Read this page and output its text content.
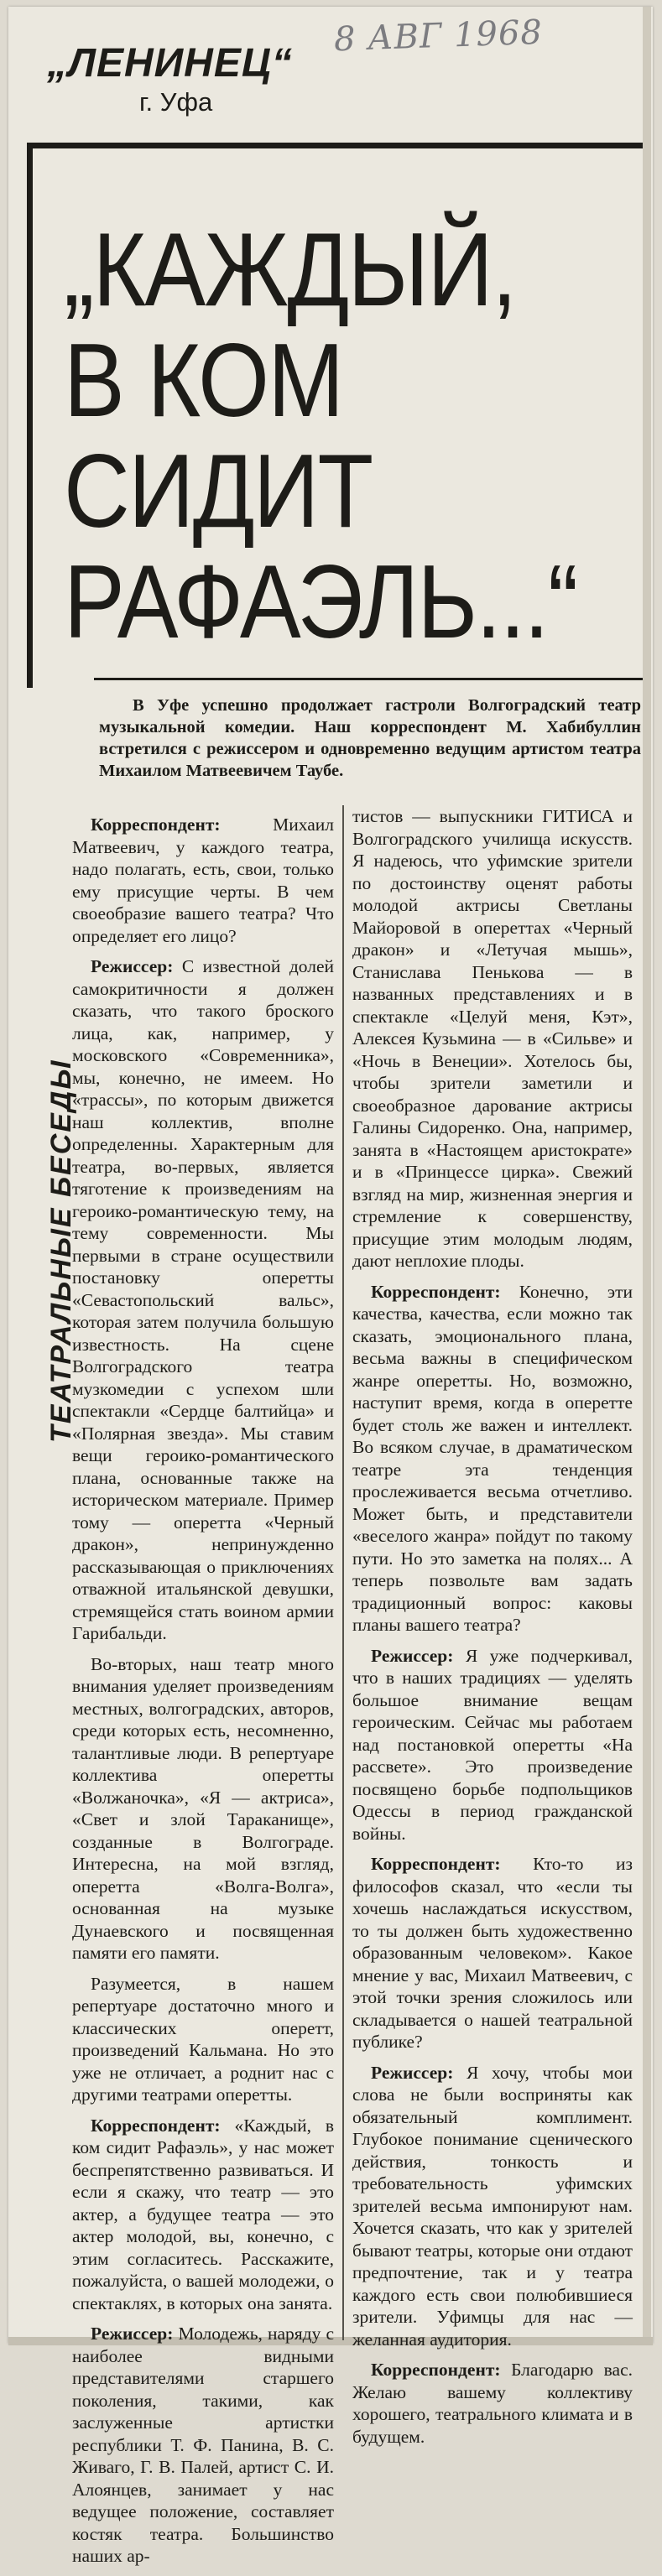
8 АВГ 1968
„ЛЕНИНЕЦ“
г. Уфа
„КАЖДЫЙ,
В КОМ
СИДИТ
РАФАЭЛЬ...“
В Уфе успешно продолжает гастроли Волгоградский театр музыкальной комедии. Наш корреспондент М. Хабибуллин встретился с режиссером и одновременно ведущим артистом театра Михаилом Матвеевичем Таубе.
ТЕАТРАЛЬНЫЕ БЕСЕДЫ

Корреспондент:	Михаил Матвеевич, у каждого театра, надо полагать, есть, свои, только ему присущие черты. В чем своеобразие вашего театра? Что определяет его лицо?

Режиссер: С известной долей самокритичности я должен сказать, что такого броского лица, как, например, у московского «Современника», мы, конечно, не имеем. Но «трассы», по которым движется наш коллектив, вполне определенны. Характерным для театра, во-первых, является тяготение к произведениям на героико-романтическую тему, на тему современности. Мы первыми в стране осуществили постановку оперетты «Севастопольский вальс», которая затем получила большую известность. На сцене Волгоградского театра музкомедии с успехом шли спектакли «Сердце балтийца» и «Полярная звезда». Мы ставим вещи героико-романтического плана, основанные также на историческом материале. Пример тому — оперетта «Черный дракон», непринужденно рассказывающая о приключениях отважной итальянской девушки, стремящейся стать воином армии Гарибальди.

Во-вторых, наш театр много внимания уделяет произведениям местных, волгоградских, авторов, среди которых есть, несомненно, талантливые люди. В репертуаре коллектива оперетты «Волжаночка», «Я — актриса», «Свет и злой Тараканище», созданные в Волгограде. Интересна, на мой взгляд, оперетта «Волга-Волга», основанная на музыке Дунаевского и посвященная памяти его памяти.

Разумеется, в нашем репертуаре достаточно много и классических оперетт, произведений Кальмана. Но это уже не отличает, а роднит нас с другими театрами оперетты.

Корреспондент: «Каждый, в ком сидит Рафаэль», у нас может беспрепятственно развиваться. И если я скажу, что театр — это актер, а будущее театра — это актер молодой, вы, конечно, с этим согласитесь. Расскажите, пожалуйста, о вашей молодежи, о спектаклях, в которых она занята.

Режиссер: Молодежь, наряду с наиболее видными представителями старшего поколения, такими, как заслуженные артистки республики Т. Ф. Панина, В. С. Живаго, Г. В. Палей, артист С. И. Алоянцев, занимает у нас ведущее положение, составляет костяк театра. Большинство наших ар-

тистов — выпускники ГИТИСА и Волгоградского училища искусств. Я надеюсь, что уфимские зрители по достоинству оценят работы молодой актрисы Светланы Майоровой в опереттах «Черный дракон» и «Летучая мышь», Станислава Пенькова — в названных представлениях и в спектакле «Целуй меня, Кэт», Алексея Кузьмина — в «Сильве» и «Ночь в Венеции». Хотелось бы, чтобы зрители заметили и своеобразное дарование актрисы Галины Сидоренко. Она, например, занята в «Настоящем аристократе» и в «Принцессе цирка». Свежий взгляд на мир, жизненная энергия и стремление к совершенству, присущие этим молодым людям, дают неплохие плоды.

Корреспондент: Конечно, эти качества, качества, если можно так сказать, эмоционального плана, весьма важны в специфическом жанре оперетты. Но, возможно, наступит время, когда в оперетте будет столь же важен и интеллект. Во всяком случае, в драматическом театре эта тенденция прослеживается весьма отчетливо. Может быть, и представители «веселого жанра» пойдут по такому пути. Но это заметка на полях... А теперь позвольте вам задать традиционный вопрос: каковы планы вашего театра?

Режиссер: Я уже подчеркивал, что в наших традициях — уделять большое внимание вещам героическим. Сейчас мы работаем над постановкой оперетты «На рассвете». Это произведение посвящено борьбе подпольщиков Одессы в период гражданской войны.

Корреспондент: Кто-то из философов сказал, что «если ты хочешь наслаждаться искусством, то ты должен быть художественно образованным человеком». Какое мнение у вас, Михаил Матвеевич, с этой точки зрения сложилось или складывается о нашей театральной публике?

Режиссер: Я хочу, чтобы мои слова не были восприняты как обязательный комплимент. Глубокое понимание сценического действия, тонкость и требовательность уфимских зрителей весьма импонируют нам. Хочется сказать, что как у зрителей бывают театры, которые они отдают предпочтение, так и у театра каждого есть свои полюбившиеся зрители. Уфимцы для нас — желанная аудитория.

Корреспондент: Благодарю вас. Желаю вашему коллективу хорошего, театрального климата и в будущем.
